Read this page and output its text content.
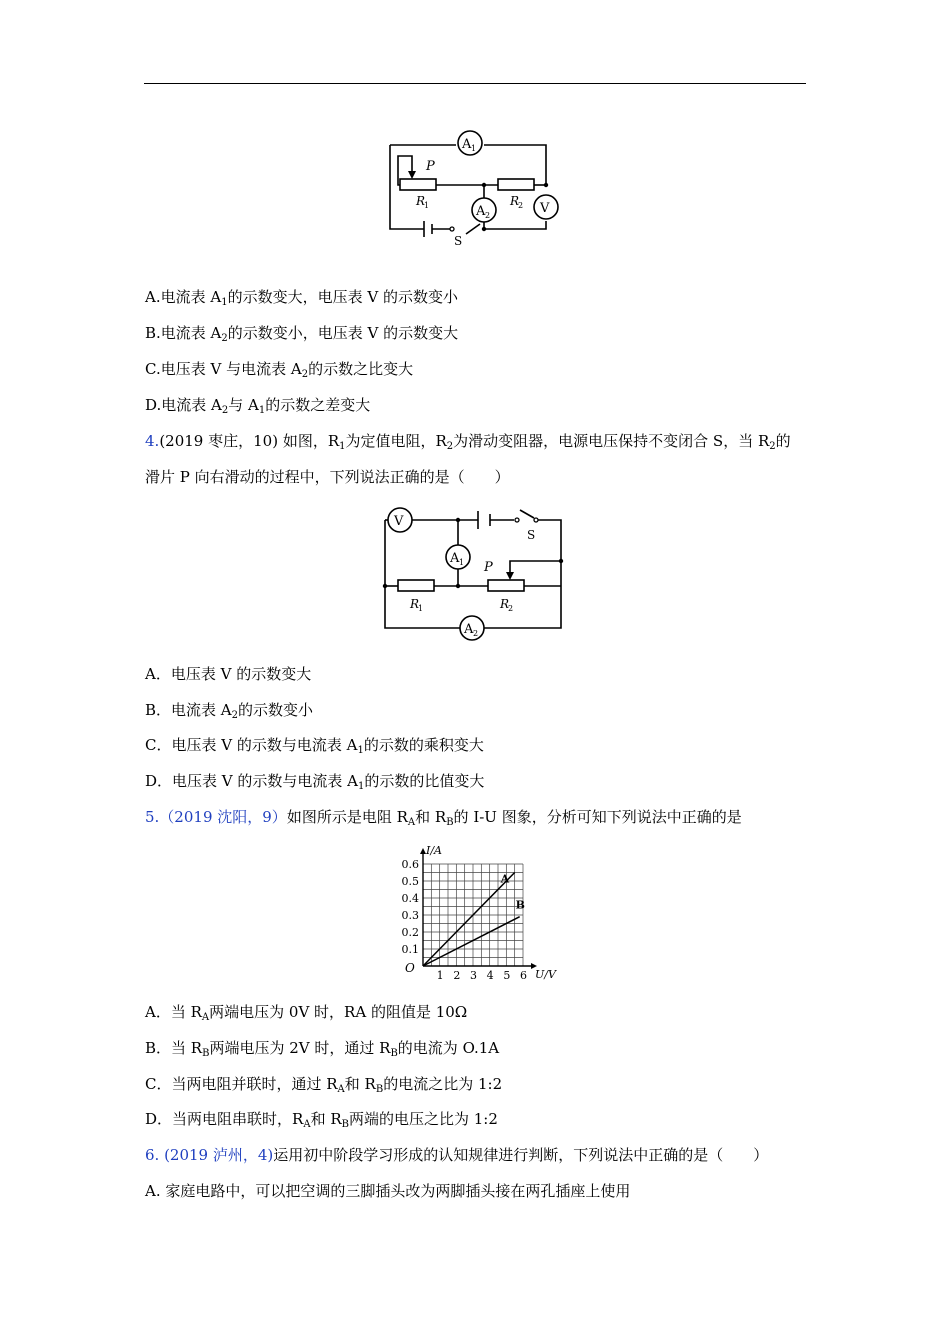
A 1
A 2	V
P
R
1	R
2
S
A.电流表 $A_1$的示数变大，电压表 V 的示数变小
B.电流表 $A_2$的示数变小，电压表 V 的示数变大
C.电压表 V 与电流表 $A_2$的示数之比变大
D.电流表 $A_2$与 $A_1$的示数之差变大
4.(2019 枣庄，10) 如图，$R_1$为定值电阻，$R_2$为滑动变阻器，电源电压保持不变闭合 S，当 $R_2$的
滑片 P 向右滑动的过程中，下列说法正确的是（　　）
V
A 1
A 2
S
P
R
1	R
2
A．电压表 V 的示数变大
B．电流表 $A_2$的示数变小
C．电压表 V 的示数与电流表 $A_1$的示数的乘积变大
D．电压表 V 的示数与电流表 $A_1$的示数的比值变大
5.（2019 沈阳，9）如图所示是电阻 $R_A$和 $R_B$的 I-U 图象，分析可知下列说法中正确的是
1 2 3 4 5 6
0.1
0.2
0.3
0.4
0.5
0.6
O	U/V
I/A
A
B
A．当 $R_A$两端电压为 0V 时，RA 的阻值是 10Ω
B．当 $R_B$两端电压为 2V 时，通过 $R_B$的电流为 O.1A
C．当两电阻并联时，通过 $R_A$和 $R_B$的电流之比为 1:2
D．当两电阻串联时，$R_A$和 $R_B$两端的电压之比为 1:2
6. (2019 泸州，4)运用初中阶段学习形成的认知规律进行判断，下列说法中正确的是（　　）
A. 家庭电路中，可以把空调的三脚插头改为两脚插头接在两孔插座上使用
